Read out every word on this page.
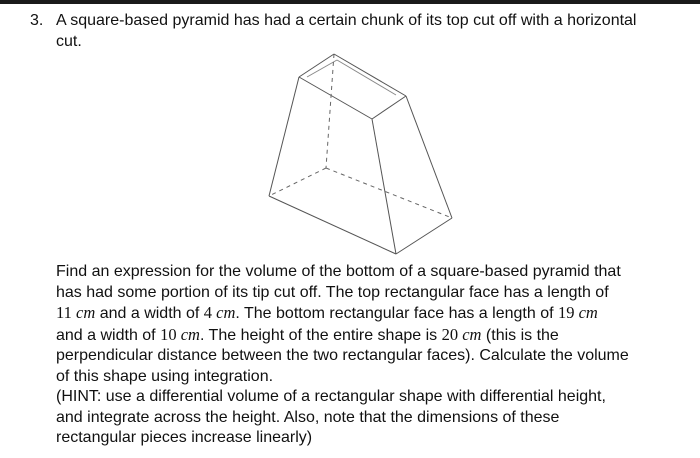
3. A square-based pyramid has had a certain chunk of its top cut off with a horizontal cut.
Find an expression for the volume of the bottom of a square-based pyramid that
has had some portion of its tip cut off. The top rectangular face has a length of
11 cm and a width of 4 cm. The bottom rectangular face has a length of 19 cm
and a width of 10 cm. The height of the entire shape is 20 cm (this is the
perpendicular distance between the two rectangular faces). Calculate the volume
of this shape using integration.
(HINT: use a differential volume of a rectangular shape with differential height,
and integrate across the height. Also, note that the dimensions of these
rectangular pieces increase linearly)
